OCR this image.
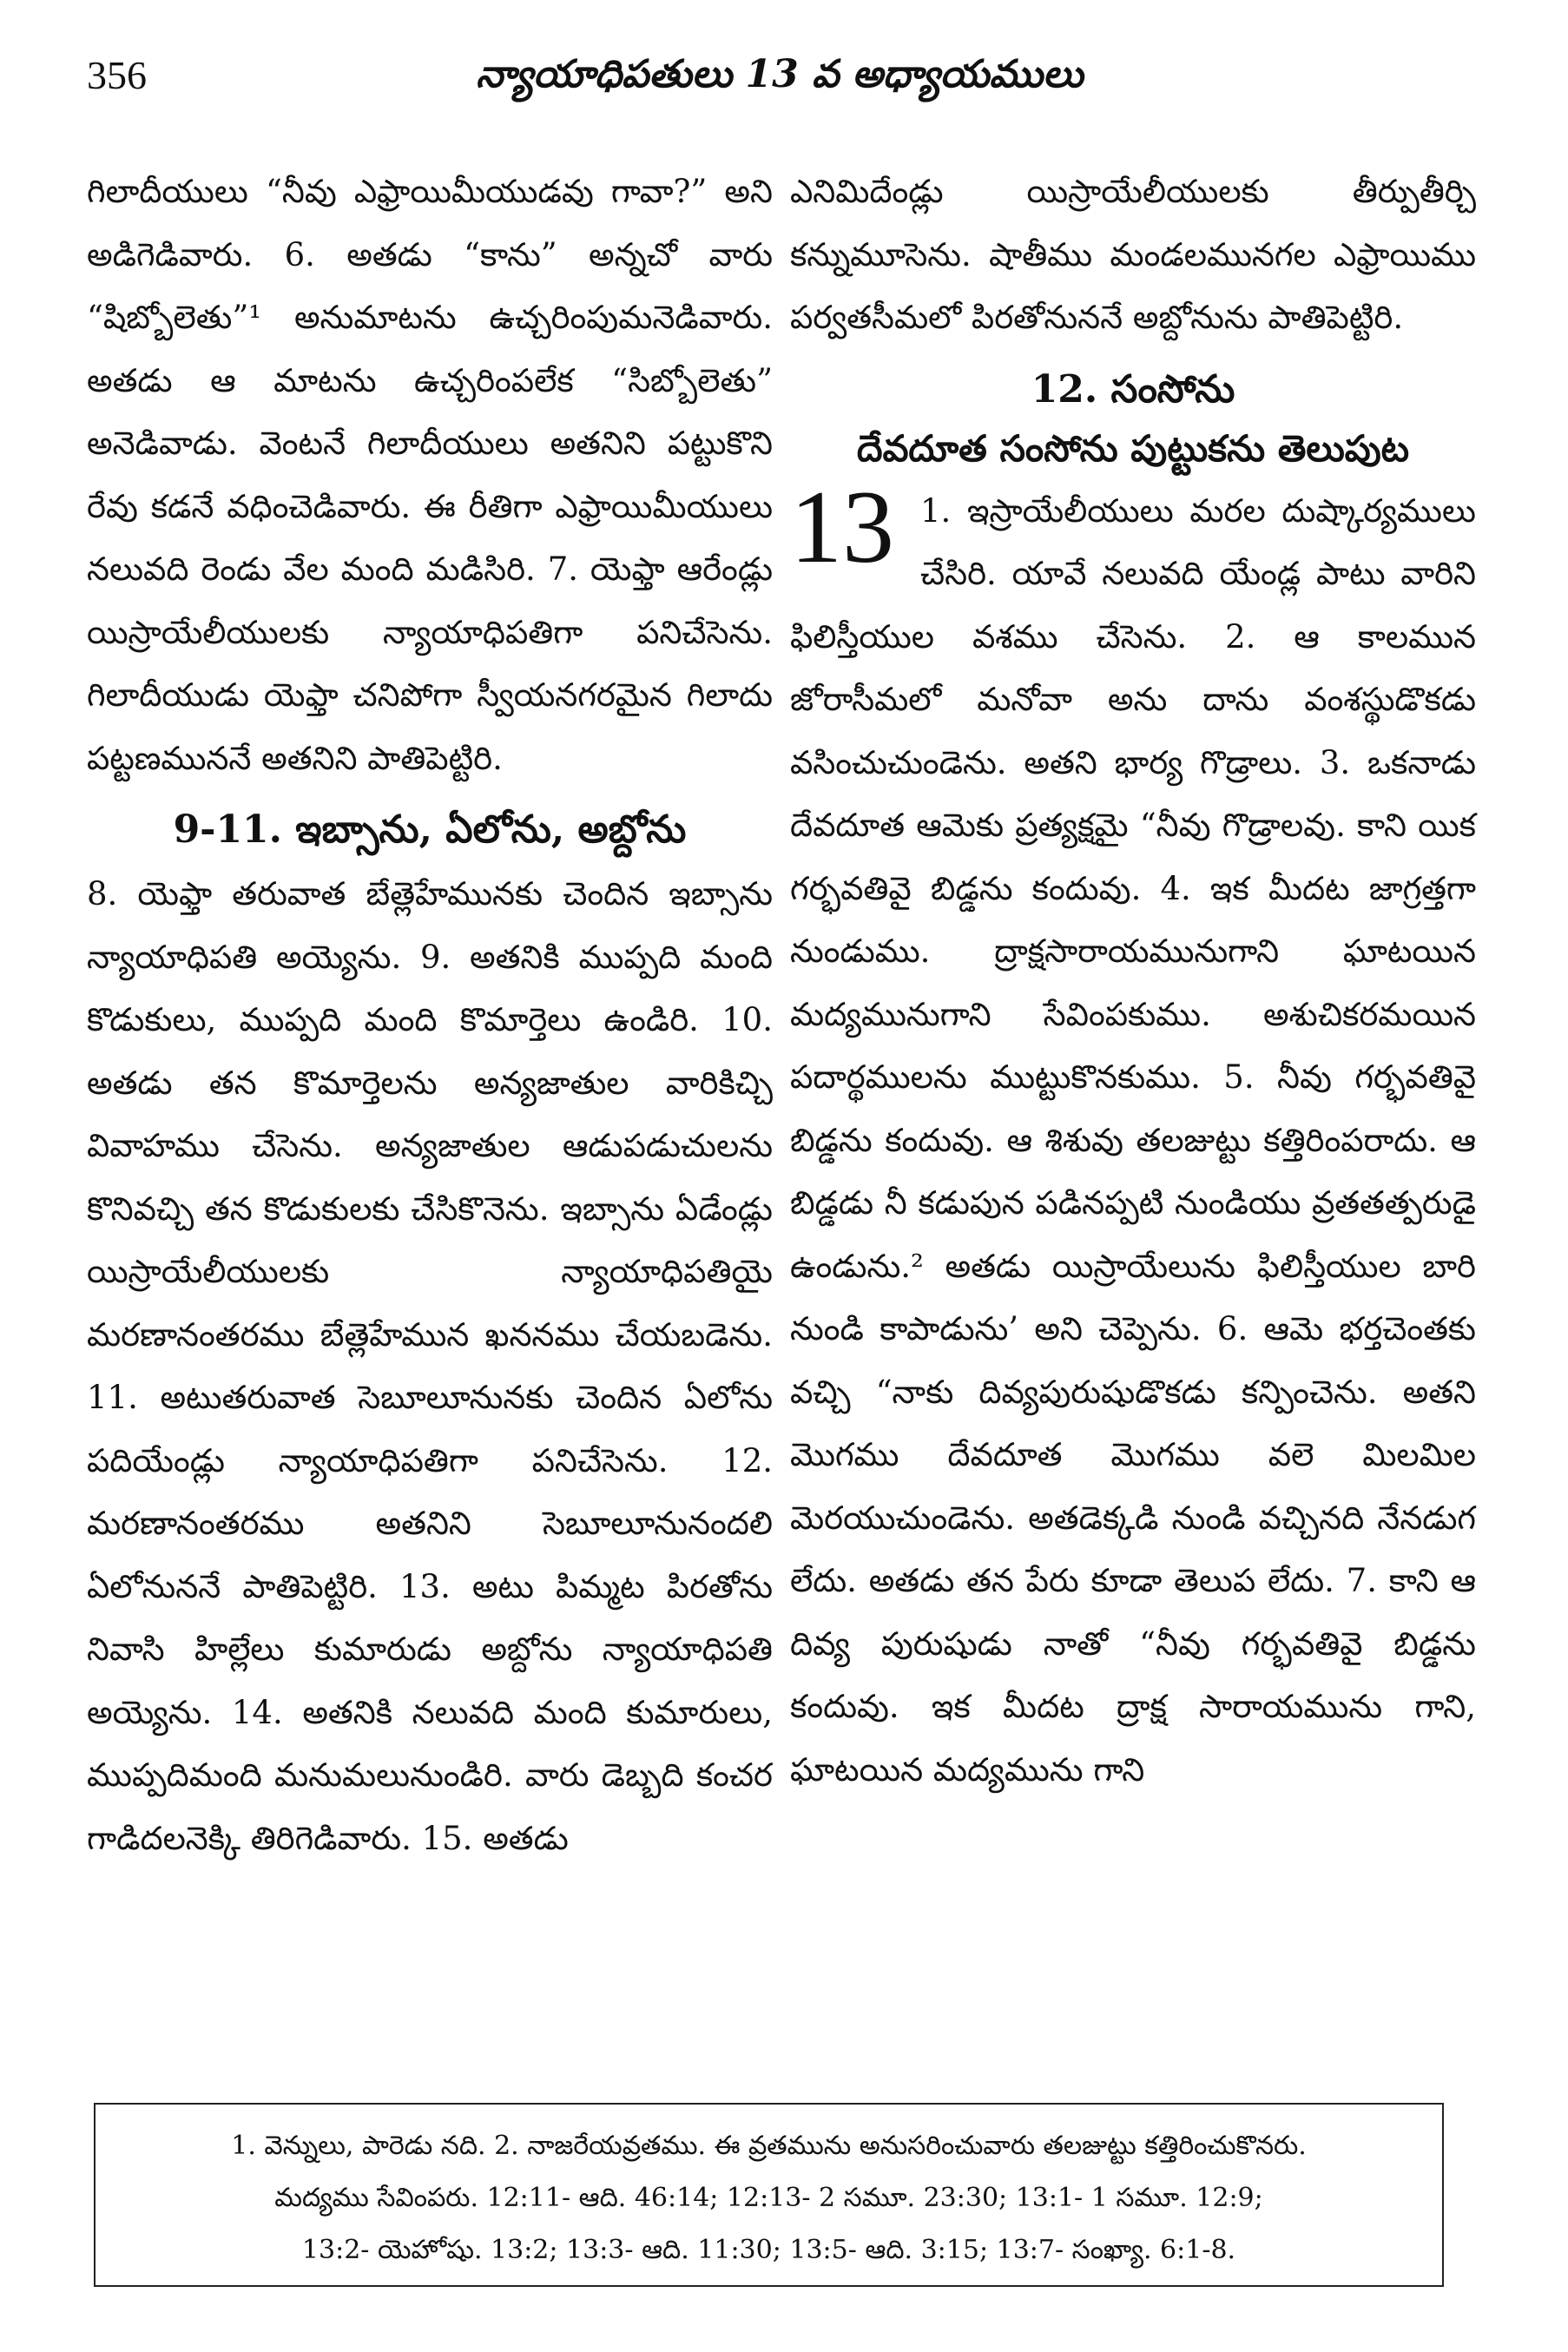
356	న్యాయాధిపతులు 13 వ అధ్యాయములు

గిలాదీయులు “నీవు ఎఫ్రాయిమీయుడవు గావా?” అని అడిగెడివారు. 6. అతడు “కాను” అన్నచో వారు “షిబ్బోలెతు”¹ అనుమాటను ఉచ్చరింపుమనెడివారు. అతడు ఆ మాటను ఉచ్చరింపలేక “సిబ్బోలెతు” అనెడివాడు. వెంటనే గిలాదీయులు అతనిని పట్టుకొని రేవు కడనే వధించెడివారు. ఈ రీతిగా ఎఫ్రాయిమీయులు నలువది రెండు వేల మంది మడిసిరి. 7. యెఫ్తా ఆరేండ్లు యిస్రాయేలీయులకు న్యాయాధిపతిగా పనిచేసెను. గిలాదీయుడు యెఫ్తా చనిపోగా స్వీయనగరమైన గిలాదు పట్టణముననే అతనిని పాతిపెట్టిరి.

9-11. ఇబ్సాను, ఏలోను, అబ్దోను

8. యెఫ్తా తరువాత బేత్లెహేమునకు చెందిన ఇబ్సాను న్యాయాధిపతి అయ్యెను. 9. అతనికి ముప్పది మంది కొడుకులు, ముప్పది మంది కొమార్తెలు ఉండిరి. 10. అతడు తన కొమార్తెలను అన్యజాతుల వారికిచ్చి వివాహము చేసెను. అన్యజాతుల ఆడుపడుచులను కొనివచ్చి తన కొడుకులకు చేసికొనెను. ఇబ్సాను ఏడేండ్లు యిస్రాయేలీయులకు న్యాయాధిపతియై మరణానంతరము బేత్లెహేమున ఖననము చేయబడెను. 11. అటుతరువాత సెబూలూనునకు చెందిన ఏలోను పదియేండ్లు న్యాయాధిపతిగా పనిచేసెను. 12. మరణానంతరము అతనిని సెబూలూనునందలి ఏలోనుననే పాతిపెట్టిరి. 13. అటు పిమ్మట పిరతోను నివాసి హిల్లేలు కుమారుడు అబ్దోను న్యాయాధిపతి అయ్యెను. 14. అతనికి నలువది మంది కుమారులు, ముప్పదిమంది మనుమలునుండిరి. వారు డెబ్బది కంచర గాడిదలనెక్కి తిరిగెడివారు. 15. అతడు

ఎనిమిదేండ్లు యిస్రాయేలీయులకు తీర్పుతీర్చి కన్నుమూసెను. షాతీము మండలమునగల ఎఫ్రాయిము పర్వతసీమలో పిరతోనుననే అబ్దోనును పాతిపెట్టిరి.

12. సంసోను
దేవదూత సంసోను పుట్టుకను తెలుపుట
13 1. ఇస్రాయేలీయులు మరల దుష్కార్యములు చేసిరి. యావే నలువది యేండ్ల పాటు వారిని ఫిలిస్తీయుల వశము చేసెను. 2. ఆ కాలమున జోరాసీమలో మనోవా అను దాను వంశస్థుడొకడు వసించుచుండెను. అతని భార్య గొడ్రాలు. 3. ఒకనాడు దేవదూత ఆమెకు ప్రత్యక్షమై “నీవు గొడ్రాలవు. కాని యిక గర్భవతివై బిడ్డను కందువు. 4. ఇక మీదట జాగ్రత్తగా నుండుము. ద్రాక్షసారాయమునుగాని ఘాటయిన మద్యమునుగాని సేవింపకుము. అశుచికరమయిన పదార్థములను ముట్టుకొనకుము. 5. నీవు గర్భవతివై బిడ్డను కందువు. ఆ శిశువు తలజుట్టు కత్తిరింపరాదు. ఆ బిడ్డడు నీ కడుపున పడినప్పటి నుండియు వ్రతతత్పరుడై ఉండును.² అతడు యిస్రాయేలును ఫిలిస్తీయుల బారి నుండి కాపాడును’ అని చెప్పెను. 6. ఆమె భర్తచెంతకు వచ్చి “నాకు దివ్యపురుషుడొకడు కన్పించెను. అతని మొగము దేవదూత మొగము వలె మిలమిల మెరయుచుండెను. అతడెక్కడి నుండి వచ్చినది నేనడుగ లేదు. అతడు తన పేరు కూడా తెలుప లేదు. 7. కాని ఆ దివ్య పురుషుడు నాతో “నీవు గర్భవతివై బిడ్డను కందువు. ఇక మీదట ద్రాక్ష సారాయమును గాని, ఘాటయిన మద్యమును గాని

1. వెన్నులు, పారెడు నది. 2. నాజరేయవ్రతము. ఈ వ్రతమును అనుసరించువారు తలజుట్టు కత్తిరించుకొనరు.
మద్యము సేవింపరు. 12:11- ఆది. 46:14; 12:13- 2 సమూ. 23:30; 13:1- 1 సమూ. 12:9;
13:2- యెహోషు. 13:2; 13:3- ఆది. 11:30; 13:5- ఆది. 3:15; 13:7- సంఖ్యా. 6:1-8.
